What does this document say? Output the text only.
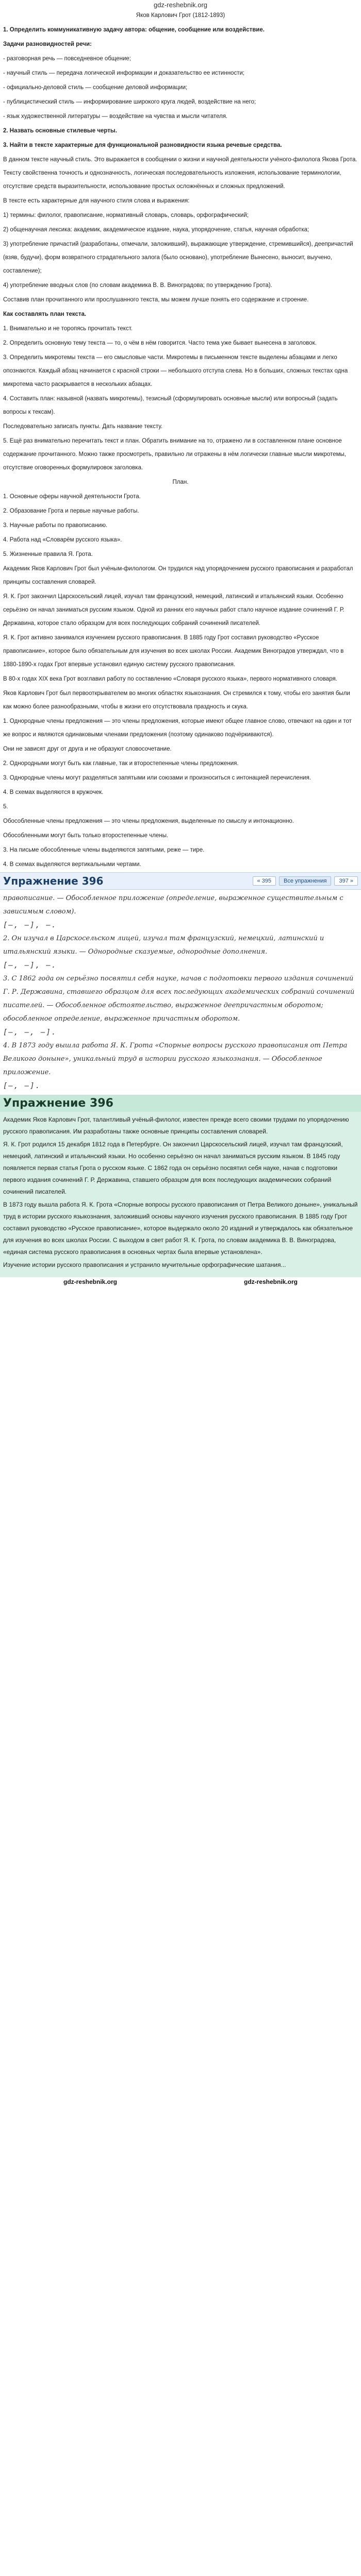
gdz-reshebnik.org

Яков Карлович Грот (1812-1893)

1. Определить коммуникативную задачу автора: общение, сообщение или воздействие.

Задачи разновидностей речи:

- разговорная речь — повседневное общение;

- научный стиль — передача логической информации и доказательство ее истинности;

- официально-деловой стиль — сообщение деловой информации;

- публицистический стиль — информирование широкого круга людей, воздействие на него;

- язык художественной литературы — воздействие на чувства и мысли читателя.

2. Назвать основные стилевые черты.

3. Найти в тексте характерные для функциональной разновидности языка речевые средства.

В данном тексте научный стиль. Это выражается в сообщении о жизни и научной деятельности учёного-филолога Якова Грота. Тексту свойственна точность и однозначность, логическая последовательность изложения, использование терминологии, отсутствие средств выразительности, использование простых осложнённых и сложных предложений.

В тексте есть характерные для научного стиля слова и выражения:

1) термины: филолог, правописание, нормативный словарь, словарь, орфографический;

2) общенаучная лексика: академик, академическое издание, наука, упорядочение, статья, научная обработка;

3) употребление причастий (разработаны, отмечали, заложивший), выражающие утверждение, стремившийся), деепричастий (взяв, будучи), форм возвратного страдательного залога (было основано), употребление Вынесено, выносит, выучено, составление);

4) употребление вводных слов (по словам академика В. В. Виноградова; по утверждению Грота).

Составив план прочитанного или прослушанного текста, мы можем лучше понять его содержание и строение.

Как составлять план текста.

1. Внимательно и не торопясь прочитать текст.

2. Определить основную тему текста — то, о чём в нём говорится. Часто тема уже бывает вынесена в заголовок.

3. Определить микротемы текста — его смысловые части. Микротемы в письменном тексте выделены абзацами и легко опознаются. Каждый абзац начинается с красной строки — небольшого отступа слева. Но в больших, сложных текстах одна микротема часто раскрывается в нескольких абзацах.

4. Составить план: назывной (назвать микротемы), тезисный (сформулировать основные мысли) или вопросный (задать вопросы к тексам).

Последовательно записать пункты. Дать название тексту.

5. Ещё раз внимательно перечитать текст и план. Обратить внимание на то, отражено ли в составленном плане основное содержание прочитанного. Можно также просмотреть, правильно ли отражены в нём логически главные мысли микротемы, отсутствие оговоренных формулировок заголовка.

План.

1. Основные оферы научной деятельности Грота.

2. Образование Грота и первые научные работы.

3. Научные работы по правописанию.

4. Работа над «Словарём русского языка».

5. Жизненные правила Я. Грота.

Академик Яков Карлович Грот был учёным-филологом. Он трудился над упорядочением русского правописания и разработал принципы составления словарей.

Я. К. Грот закончил Царскосельский лицей, изучал там французский, немецкий, латинский и итальянский языки. Особенно серьёзно он начал заниматься русским языком. Одной из ранних его научных работ стало научное издание сочинений Г. Р. Державина, которое стало образцом для всех последующих собраний сочинений писателей.

Я. К. Грот активно занимался изучением русского правописания. В 1885 году Грот составил руководство «Русское правописание», которое было обязательным для изучения во всех школах России. Академик Виноградов утверждал, что в 1880-1890-х годах Грот впервые установил единую систему русского правописания.

В 80-х годах XIX века Грот возглавил работу по составлению «Словаря русского языка», первого нормативного словаря.

Яков Карлович Грот был первооткрывателем во многих областях языкознания. Он стремился к тому, чтобы его занятия были как можно более разнообразными, чтобы в жизни его отсутствовала праздность и скука.

1. Однородные члены предложения — это члены предложения, которые имеют общее главное слово, отвечают на один и тот же вопрос и являются одинаковыми членами предложения (поэтому одинаково подчёркиваются).

Они не зависят друг от друга и не образуют словосочетание.

2. Однородными могут быть как главные, так и второстепенные члены предложения.

3. Однородные члены могут разделяться запятыми или союзами и произноситься с интонацией перечисления.

4. В схемах выделяются в кружочек.

5.

Обособленные члены предложения — это члены предложения, выделенные по смыслу и интонационно.

Обособленными могут быть только второстепенные члены.

3. На письме обособленные члены выделяются запятыми, реже — тире.

4. В схемах выделяются вертикальными чертами.

Упражнение 396	« 395	Все упражнения	397 »

правописание. — Обособленное приложение (определение, выраженное существительным с зависимым словом).

[—, —], —.

2. Он изучал в Царскосельском лицей, изучал там французский, немецкий, латинский и итальянский языки. — Однородные сказуемые, однородные дополнения.

[—, —], —.

3. С 1862 года он серьёзно посвятил себя науке, начав с подготовки первого издания сочинений Г. Р. Державина, ставшего образцом для всех последующих академических собраний сочинений писателей. — Обособленное обстоятельство, выраженное деепричастным оборотом; обособленное определение, выраженное причастным оборотом.

[—, —, —].

4. В 1873 году вышла работа Я. К. Грота «Спорные вопросы русского правописания от Петра Великого доныне», уникальный труд в истории русского языкознания. — Обособленное приложение.

[—, —].

Упражнение 396

Академик Яков Карлович Грот, талантливый учёный-филолог, известен прежде всего своими трудами по упорядочению русского правописания. Им разработаны также основные принципы составления словарей.

Я. К. Грот родился 15 декабря 1812 года в Петербурге. Он закончил Царскосельский лицей, изучал там французский, немецкий, латинский и итальянский языки. Но особенно серьёзно он начал заниматься русским языком. В 1845 году появляется первая статья Грота о русском языке. С 1862 года он серьёзно посвятил себя науке, начав с подготовки первого издания сочинений Г. Р. Державина, ставшего образцом для всех последующих академических собраний сочинений писателей.

В 1873 году вышла работа Я. К. Грота «Спорные вопросы русского правописания от Петра Великого доныне», уникальный труд в истории русского языкознания, заложивший основы научного изучения русского правописания. В 1885 году Грот составил руководство «Русское правописание», которое выдержало около 20 изданий и утверждалось как обязательное для изучения во всех школах России. С выходом в свет работ Я. К. Грота, по словам академика В. В. Виноградова, «единая система русского правописания в основных чертах была впервые установлена».

Изучение истории русского правописания и устранило мучительные орфографические шатания...

gdz-reshebnik.org	gdz-reshebnik.org
